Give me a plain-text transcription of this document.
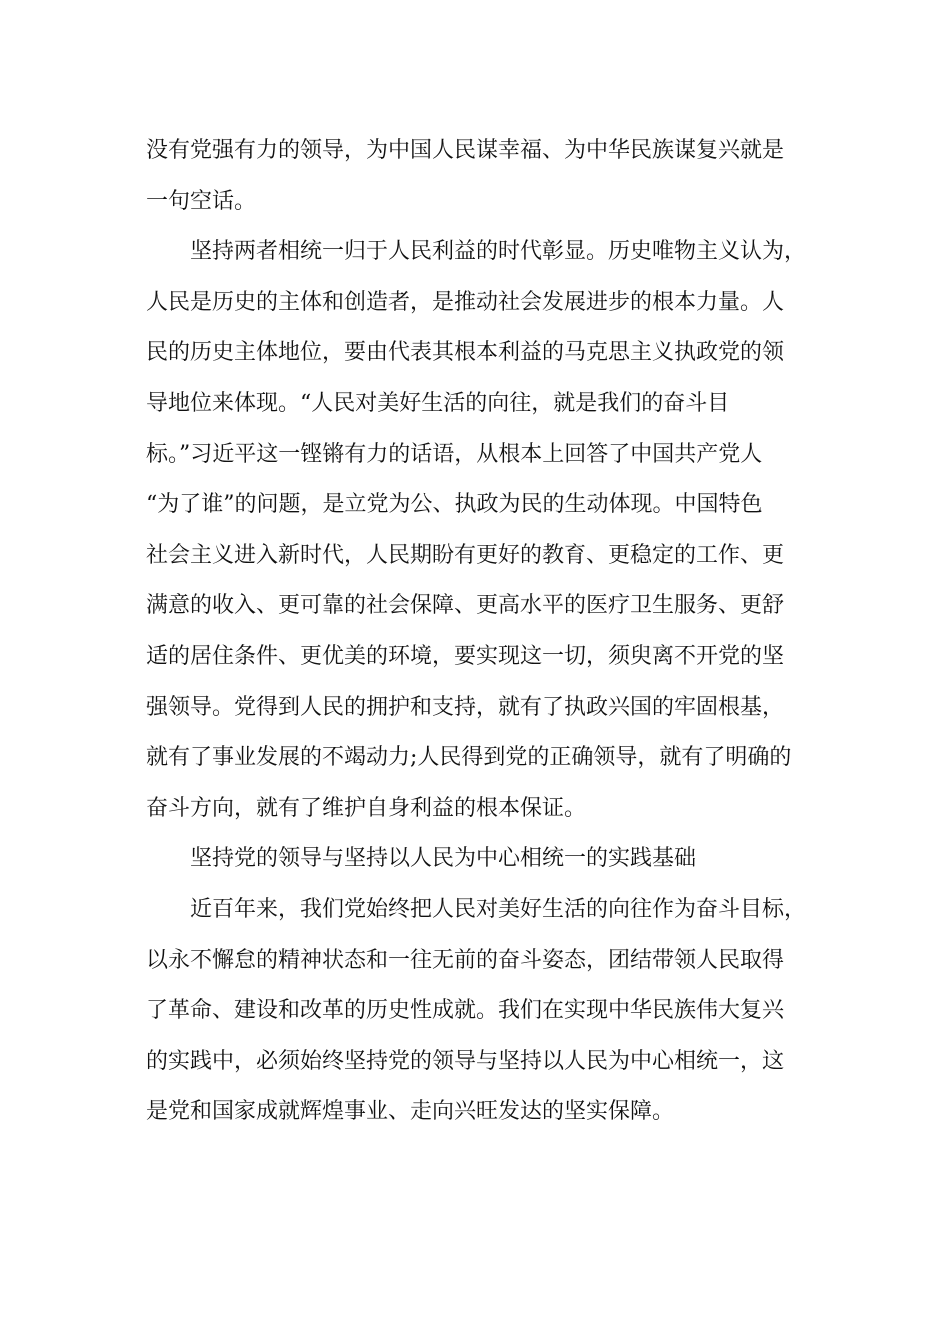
没有党强有力的领导，为中国人民谋幸福、为中华民族谋复兴就是
一句空话。
坚持两者相统一归于人民利益的时代彰显。历史唯物主义认为，
人民是历史的主体和创造者，是推动社会发展进步的根本力量。人
民的历史主体地位，要由代表其根本利益的马克思主义执政党的领
导地位来体现。“人民对美好生活的向往，就是我们的奋斗目
标。”习近平这一铿锵有力的话语，从根本上回答了中国共产党人
“为了谁”的问题，是立党为公、执政为民的生动体现。中国特色
社会主义进入新时代，人民期盼有更好的教育、更稳定的工作、更
满意的收入、更可靠的社会保障、更高水平的医疗卫生服务、更舒
适的居住条件、更优美的环境，要实现这一切，须臾离不开党的坚
强领导。党得到人民的拥护和支持，就有了执政兴国的牢固根基，
就有了事业发展的不竭动力;人民得到党的正确领导，就有了明确的
奋斗方向，就有了维护自身利益的根本保证。
坚持党的领导与坚持以人民为中心相统一的实践基础
近百年来，我们党始终把人民对美好生活的向往作为奋斗目标，
以永不懈怠的精神状态和一往无前的奋斗姿态，团结带领人民取得
了革命、建设和改革的历史性成就。我们在实现中华民族伟大复兴
的实践中，必须始终坚持党的领导与坚持以人民为中心相统一，这
是党和国家成就辉煌事业、走向兴旺发达的坚实保障。
